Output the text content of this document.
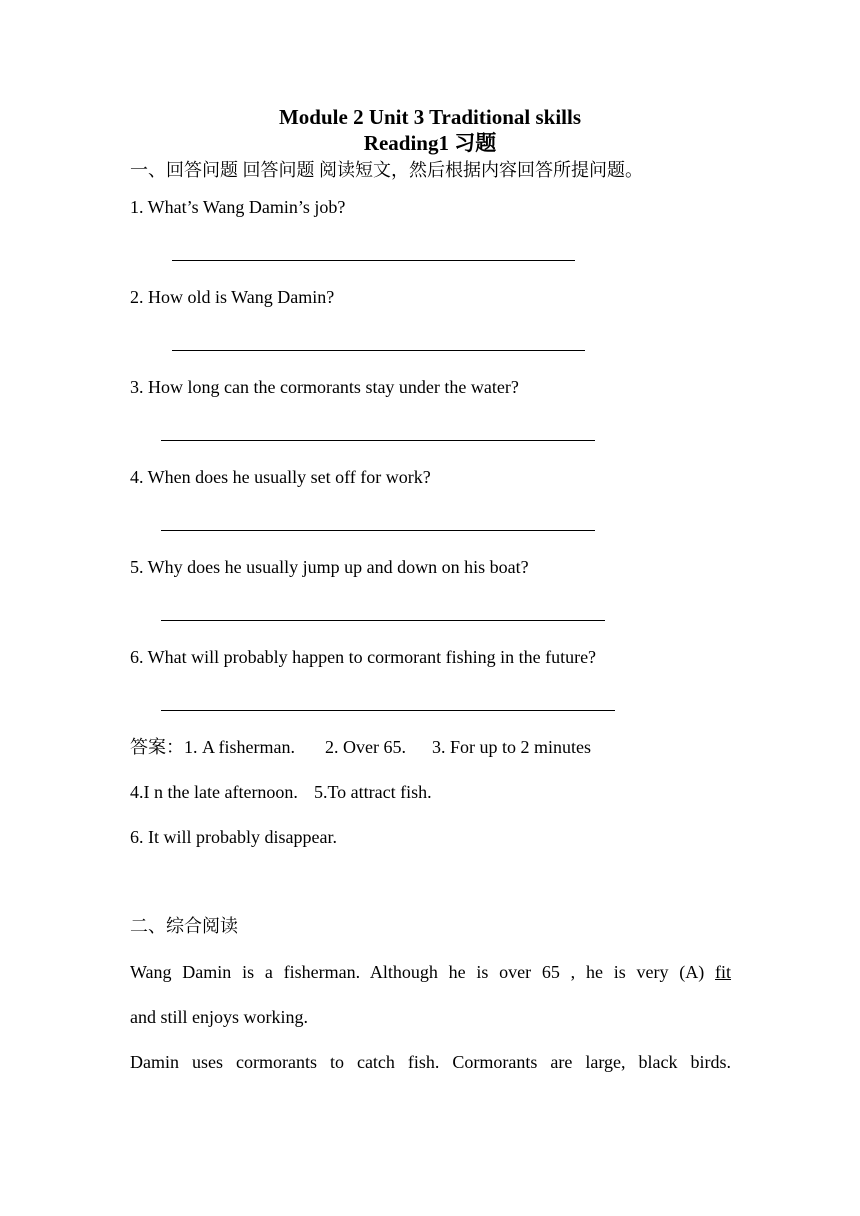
Module 2 Unit 3 Traditional skills
Reading1 习题

一、回答问题 回答问题 阅读短文，然后根据内容回答所提问题。

1. What’s Wang Damin’s job?

2. How old is Wang Damin?

3. How long can the cormorants stay under the water?

4. When does he usually set off for work?

5. Why does he usually jump up and down on his boat?

6. What will probably happen to cormorant fishing in the future?

答案：1. A fisherman. 2. Over 65. 3. For up to 2 minutes

4.I n the late afternoon. 5.To attract fish.

6. It will probably disappear.

二、综合阅读

Wang Damin is a fisherman. Although he is over 65 , he is very (A) fit

and still enjoys working.

Damin uses cormorants to catch fish. Cormorants are large, black birds.
